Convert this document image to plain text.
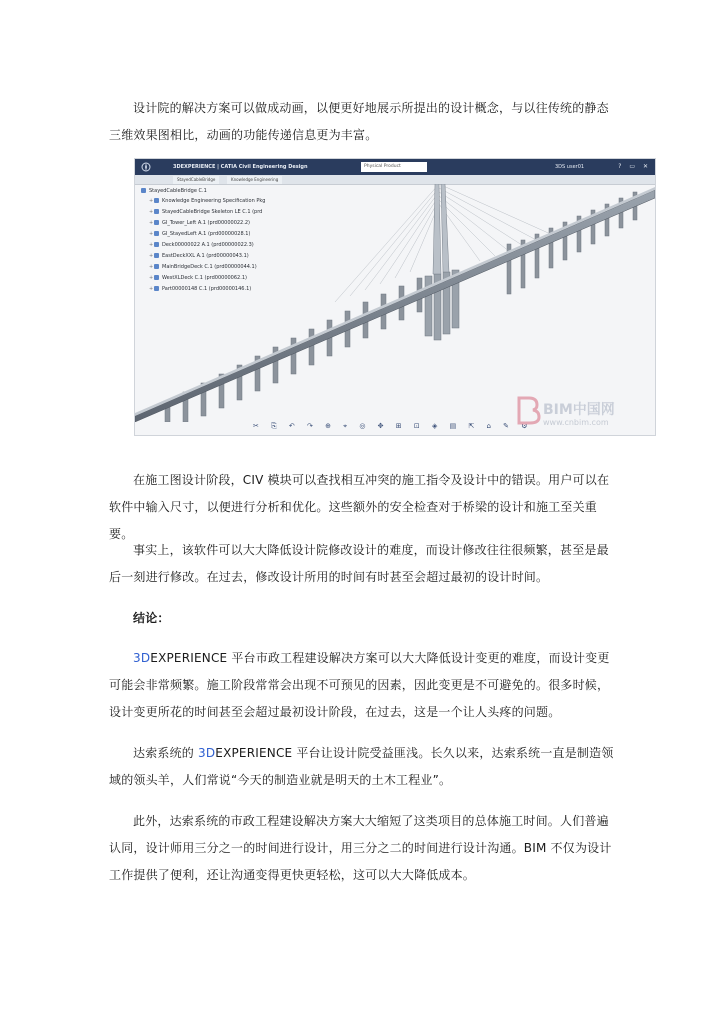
设计院的解决方案可以做成动画，以便更好地展示所提出的设计概念，与以往传统的静态三维效果图相比，动画的功能传递信息更为丰富。

3DEXPERIENCE | CATIA Civil Engineering Design	Physical Product	3DS user01	? ▭ ✕
StayedCableBridge	Knowledge Engineering
StayedCableBridge C.1
+ Knowledge Engineering Specification Pkg
+ StayedCableBridge Skeleton LE C.1 (prd
+ GI_Tower_Left A.1 (prd00000022.2)
+ GI_StayedLeft A.1 (prd00000028.1)
+ Deck00000022 A.1 (prd00000022.3)
+ EastDeckXXL A.1 (prd00000043.1)
+ MainBridgeDeck C.1 (prd00000044.1)
+ WestXLDeck C.1 (prd00000062.1)
+ Part00000148 C.1 (prd00000146.1)
✂ ⎘ ↶ ↷ ⊕ ⌖ ◎ ✥ ⊞ ⊡ ◈ ▤ ⇱ ⌂ ✎ ⚙
BIM中国网
www.cnbim.com

在施工图设计阶段，CIV 模块可以查找相互冲突的施工指令及设计中的错误。用户可以在软件中输入尺寸，以便进行分析和优化。这些额外的安全检查对于桥梁的设计和施工至关重要。

事实上，该软件可以大大降低设计院修改设计的难度，而设计修改往往很频繁，甚至是最后一刻进行修改。在过去，修改设计所用的时间有时甚至会超过最初的设计时间。

结论：

3DEXPERIENCE 平台市政工程建设解决方案可以大大降低设计变更的难度，而设计变更可能会非常频繁。施工阶段常常会出现不可预见的因素，因此变更是不可避免的。很多时候，设计变更所花的时间甚至会超过最初设计阶段，在过去，这是一个让人头疼的问题。

达索系统的 3DEXPERIENCE 平台让设计院受益匪浅。长久以来，达索系统一直是制造领域的领头羊，人们常说“今天的制造业就是明天的土木工程业”。

此外，达索系统的市政工程建设解决方案大大缩短了这类项目的总体施工时间。人们普遍认同，设计师用三分之一的时间进行设计，用三分之二的时间进行设计沟通。BIM 不仅为设计工作提供了便利，还让沟通变得更快更轻松，这可以大大降低成本。
